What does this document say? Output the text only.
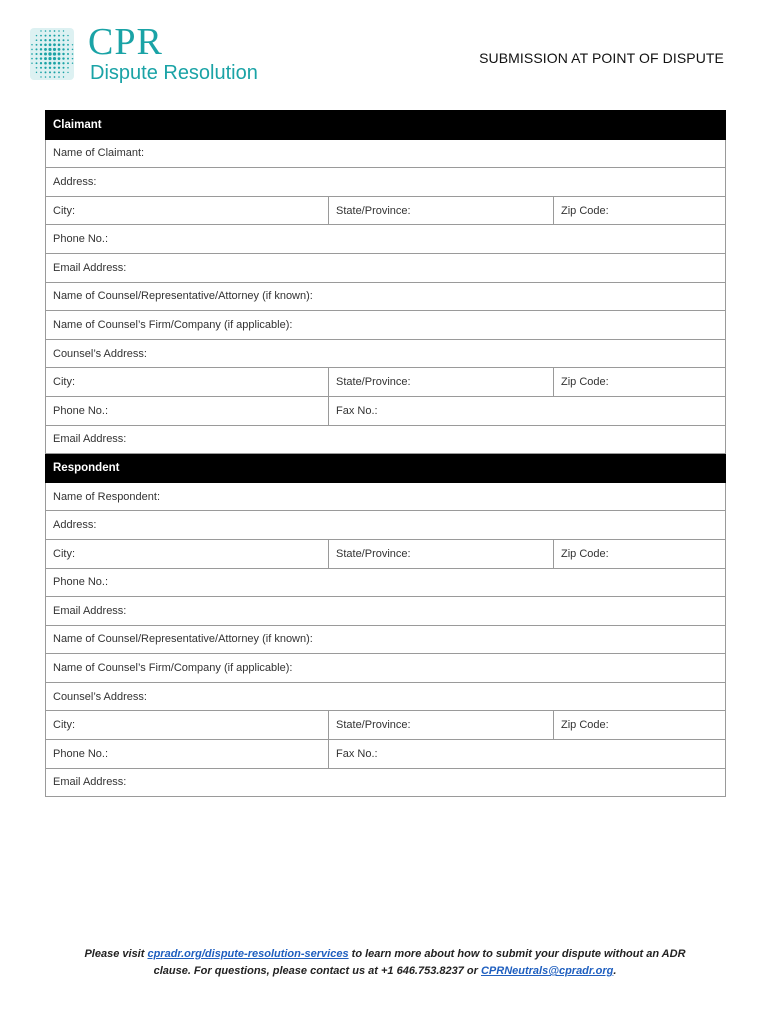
CPR
Dispute Resolution
SUBMISSION AT POINT OF DISPUTE
Claimant		
Name of Claimant:		
Address:		
City:	State/Province:	Zip Code:
Phone No.:		
Email Address:		
Name of Counsel/Representative/Attorney (if known):		
Name of Counsel’s Firm/Company (if applicable):		
Counsel’s Address:		
City:	State/Province:	Zip Code:
Phone No.:	Fax No.:	
Email Address:		
Respondent		
Name of Respondent:		
Address:		
City:	State/Province:	Zip Code:
Phone No.:		
Email Address:		
Name of Counsel/Representative/Attorney (if known):		
Name of Counsel’s Firm/Company (if applicable):		
Counsel’s Address:		
City:	State/Province:	Zip Code:
Phone No.:	Fax No.:	
Email Address:		
Please visit cpradr.org/dispute-resolution-services to learn more about how to submit your dispute without an ADR
clause. For questions, please contact us at +1 646.753.8237 or CPRNeutrals@cpradr.org.
